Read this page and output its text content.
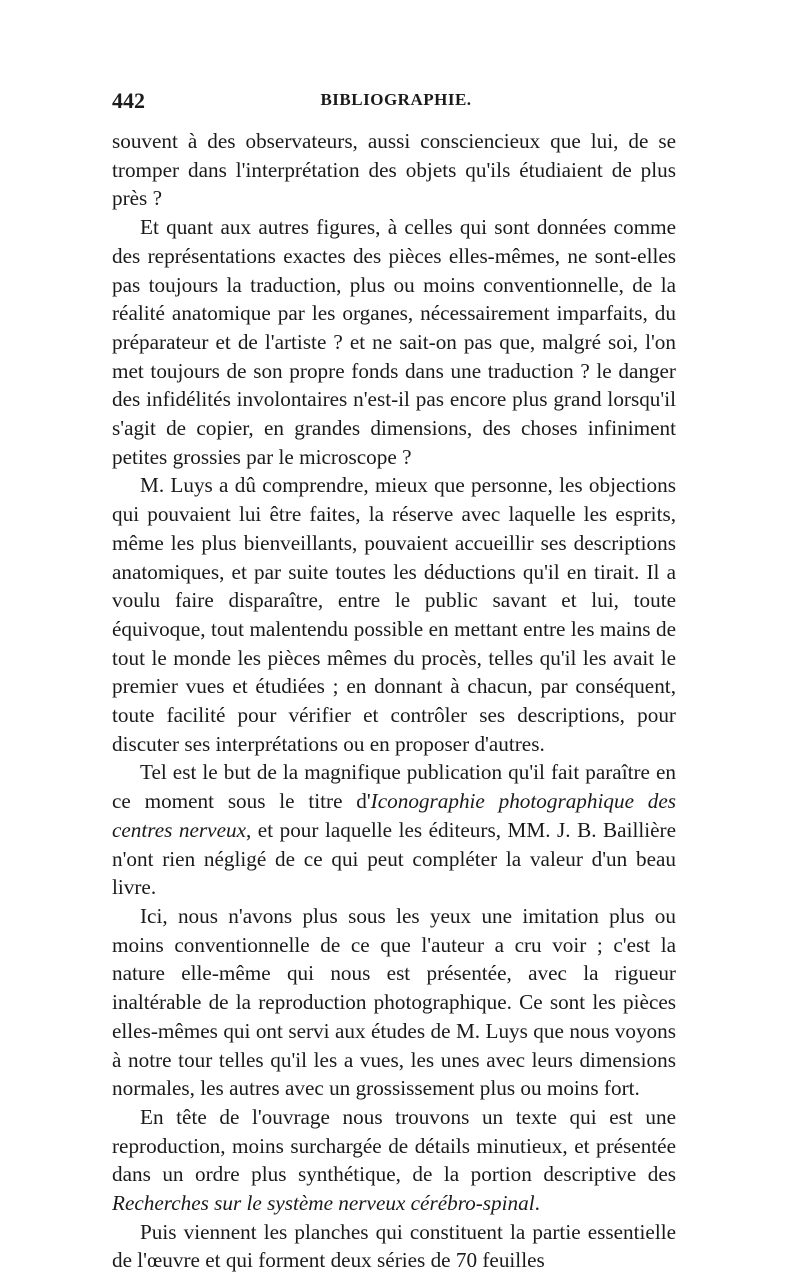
442	BIBLIOGRAPHIE.

souvent à des observateurs, aussi consciencieux que lui, de se tromper dans l'interprétation des objets qu'ils étudiaient de plus près ?

Et quant aux autres figures, à celles qui sont données comme des représentations exactes des pièces elles-mêmes, ne sont-elles pas toujours la traduction, plus ou moins conventionnelle, de la réalité anatomique par les organes, nécessairement imparfaits, du préparateur et de l'artiste ? et ne sait-on pas que, malgré soi, l'on met toujours de son propre fonds dans une traduction ? le danger des infidélités involontaires n'est-il pas encore plus grand lorsqu'il s'agit de copier, en grandes dimensions, des choses infiniment petites grossies par le microscope ?

M. Luys a dû comprendre, mieux que personne, les objections qui pouvaient lui être faites, la réserve avec laquelle les esprits, même les plus bienveillants, pouvaient accueillir ses descriptions anatomiques, et par suite toutes les déductions qu'il en tirait. Il a voulu faire disparaître, entre le public savant et lui, toute équivoque, tout malentendu possible en mettant entre les mains de tout le monde les pièces mêmes du procès, telles qu'il les avait le premier vues et étudiées ; en donnant à chacun, par conséquent, toute facilité pour vérifier et contrôler ses descriptions, pour discuter ses interprétations ou en proposer d'autres.

Tel est le but de la magnifique publication qu'il fait paraître en ce moment sous le titre d'Iconographie photographique des centres nerveux, et pour laquelle les éditeurs, MM. J. B. Baillière n'ont rien négligé de ce qui peut compléter la valeur d'un beau livre.

Ici, nous n'avons plus sous les yeux une imitation plus ou moins conventionnelle de ce que l'auteur a cru voir ; c'est la nature elle-même qui nous est présentée, avec la rigueur inaltérable de la reproduction photographique. Ce sont les pièces elles-mêmes qui ont servi aux études de M. Luys que nous voyons à notre tour telles qu'il les a vues, les unes avec leurs dimensions normales, les autres avec un grossissement plus ou moins fort.

En tête de l'ouvrage nous trouvons un texte qui est une reproduction, moins surchargée de détails minutieux, et présentée dans un ordre plus synthétique, de la portion descriptive des Recherches sur le système nerveux cérébro-spinal.

Puis viennent les planches qui constituent la partie essentielle de l'œuvre et qui forment deux séries de 70 feuilles
